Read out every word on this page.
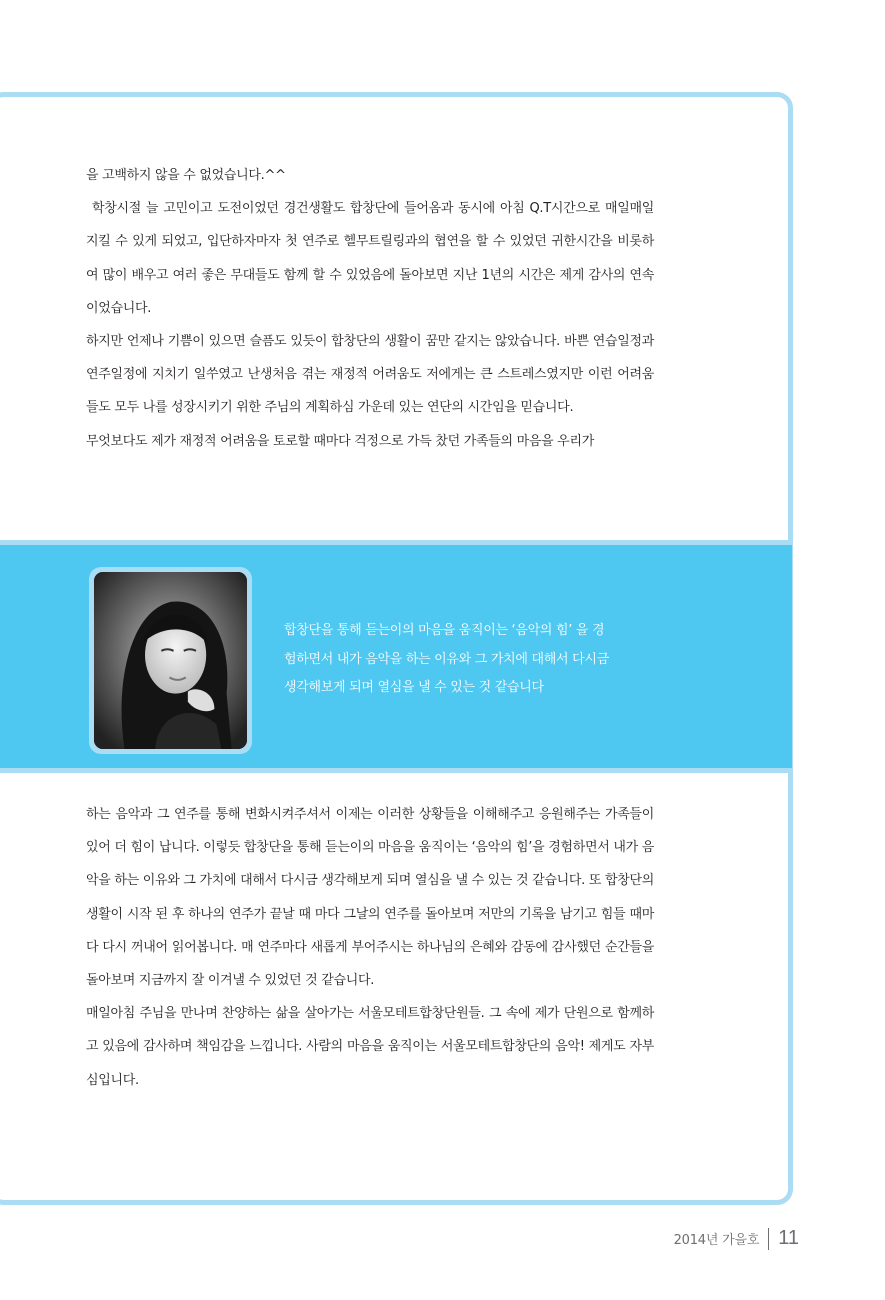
을 고백하지 않을 수 없었습니다.^^

학창시절 늘 고민이고 도전이었던 경건생활도 합창단에 들어옴과 동시에 아침 Q.T시간으로 매일매일 지킬 수 있게 되었고, 입단하자마자 첫 연주로 헬무트릴링과의 협연을 할 수 있었던 귀한시간을 비롯하여 많이 배우고 여러 좋은 무대들도 함께 할 수 있었음에 돌아보면 지난 1년의 시간은 제게 감사의 연속이었습니다.

하지만 언제나 기쁨이 있으면 슬픔도 있듯이 합창단의 생활이 꿈만 같지는 않았습니다. 바쁜 연습일정과 연주일정에 지치기 일쑤였고 난생처음 겪는 재정적 어려움도 저에게는 큰 스트레스였지만 이런 어려움들도 모두 나를 성장시키기 위한 주님의 계획하심 가운데 있는 연단의 시간임을 믿습니다.

무엇보다도 제가 재정적 어려움을 토로할 때마다 걱정으로 가득 찼던 가족들의 마음을 우리가

합창단을 통해 듣는이의 마음을 움직이는 ‘음악의 힘’ 을 경

험하면서 내가 음악을 하는 이유와 그 가치에 대해서 다시금

생각해보게 되며 열심을 낼 수 있는 것 같습니다

하는 음악과 그 연주를 통해 변화시켜주셔서 이제는 이러한 상황들을 이해해주고 응원해주는 가족들이 있어 더 힘이 납니다. 이렇듯 합창단을 통해 듣는이의 마음을 움직이는 ‘음악의 힘’을 경험하면서 내가 음악을 하는 이유와 그 가치에 대해서 다시금 생각해보게 되며 열심을 낼 수 있는 것 같습니다. 또 합창단의 생활이 시작 된 후 하나의 연주가 끝날 때 마다 그날의 연주를 돌아보며 저만의 기록을 남기고 힘들 때마다 다시 꺼내어 읽어봅니다. 매 연주마다 새롭게 부어주시는 하나님의 은혜와 감동에 감사했던 순간들을 돌아보며 지금까지 잘 이겨낼 수 있었던 것 같습니다.

매일아침 주님을 만나며 찬양하는 삶을 살아가는 서울모테트합창단원들. 그 속에 제가 단원으로 함께하고 있음에 감사하며 책임감을 느낍니다. 사람의 마음을 움직이는 서울모테트합창단의 음악! 제게도 자부심입니다.

2014년 가을호 11
